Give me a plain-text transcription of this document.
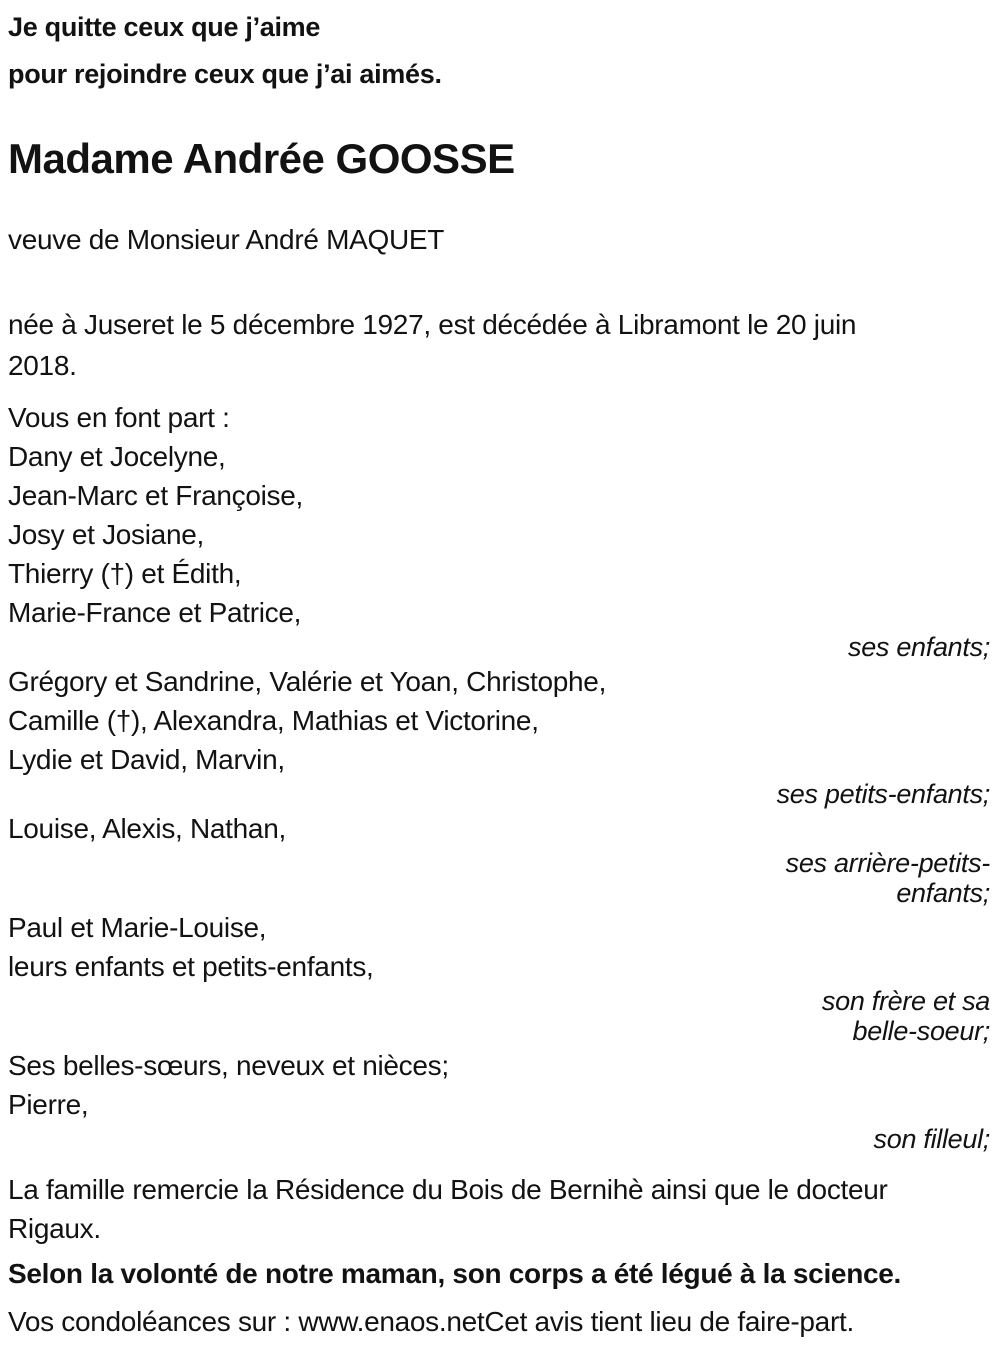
Je quitte ceux que j’aime
pour rejoindre ceux que j’ai aimés.
Madame Andrée GOOSSE
veuve de Monsieur André MAQUET
née à Juseret le 5 décembre 1927, est décédée à Libramont le 20 juin
2018.
Vous en font part :
Dany et Jocelyne,
Jean-Marc et Françoise,
Josy et Josiane,
Thierry (†) et Édith,
Marie-France et Patrice,
ses enfants;
Grégory et Sandrine, Valérie et Yoan, Christophe,
Camille (†), Alexandra, Mathias et Victorine,
Lydie et David, Marvin,
ses petits-enfants;
Louise, Alexis, Nathan,
ses arrière-petits-
enfants;
Paul et Marie-Louise,
leurs enfants et petits-enfants,
son frère et sa
belle-soeur;
Ses belles-sœurs, neveux et nièces;
Pierre,
son filleul;
La famille remercie la Résidence du Bois de Bernihè ainsi que le docteur
Rigaux.
Selon la volonté de notre maman, son corps a été légué à la science.
Vos condoléances sur : www.enaos.netCet avis tient lieu de faire-part.
